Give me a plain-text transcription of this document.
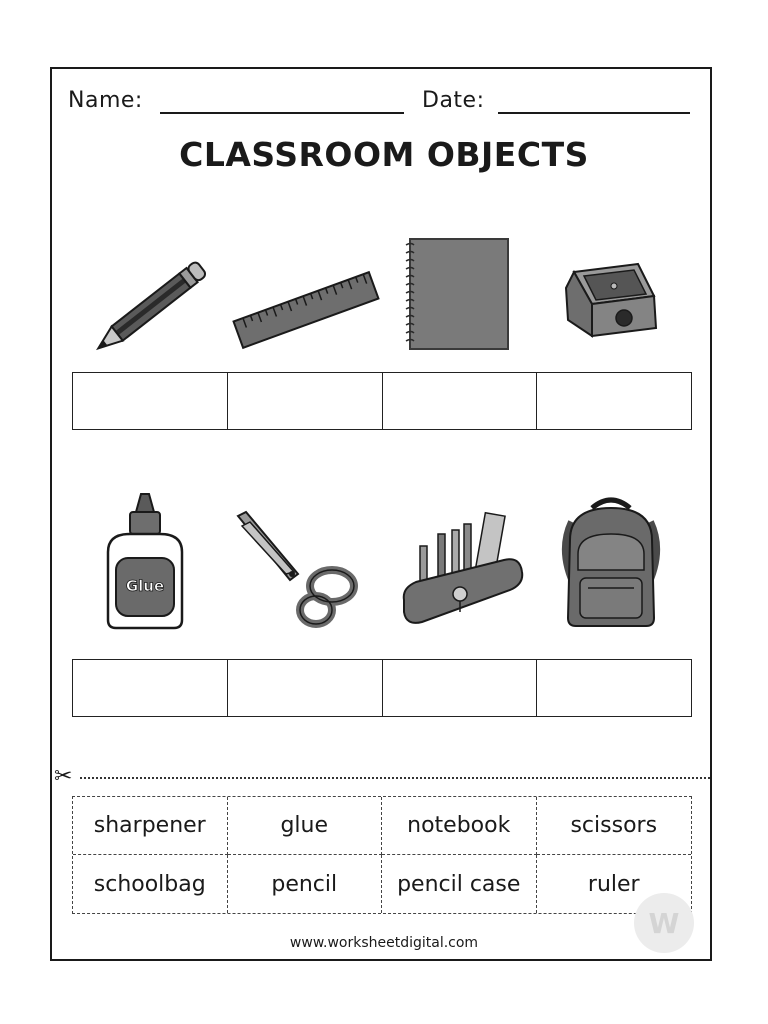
Name:	Date:
CLASSROOM OBJECTS
Glue
✂
sharpener	glue	notebook	scissors
schoolbag	pencil	pencil case	ruler
W
www.worksheetdigital.com
